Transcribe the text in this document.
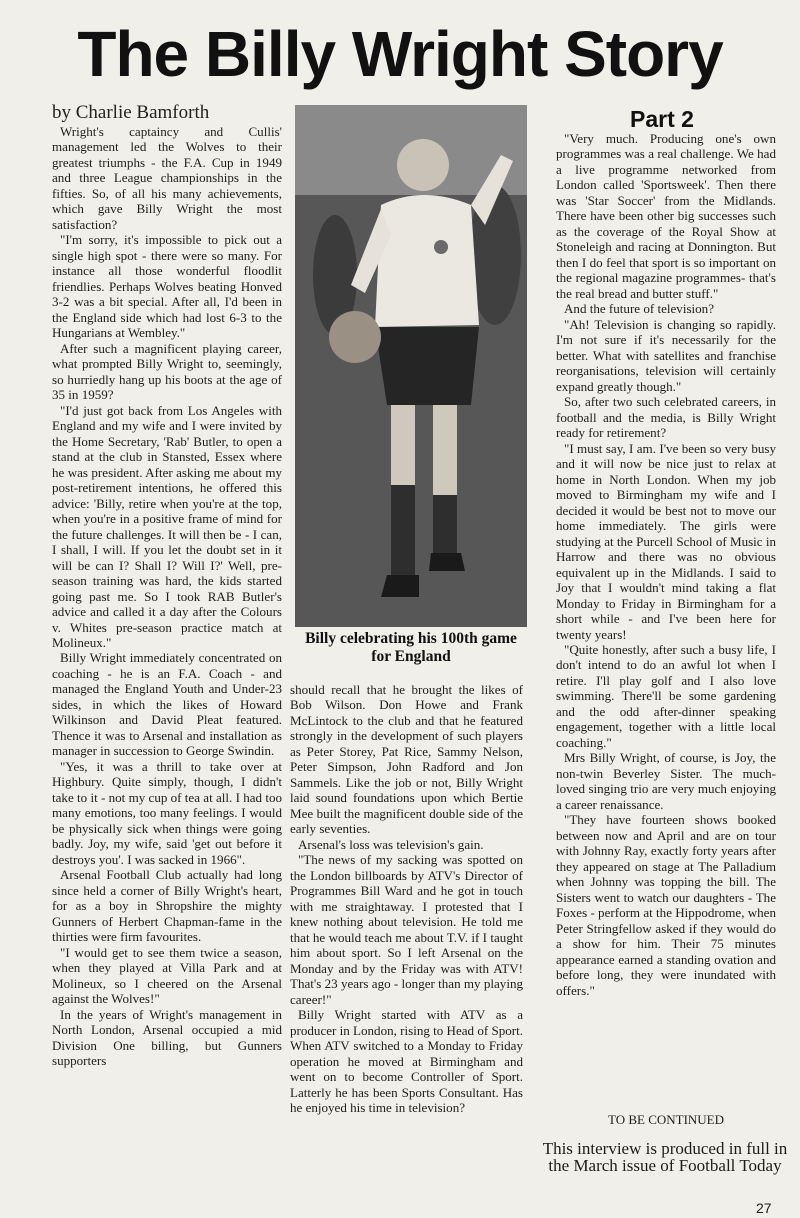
The Billy Wright Story

by Charlie Bamforth	Part 2

Wright's captaincy and Cullis' management led the Wolves to their greatest triumphs - the F.A. Cup in 1949 and three League championships in the fifties. So, of all his many achievements, which gave Billy Wright the most satisfaction?

"I'm sorry, it's impossible to pick out a single high spot - there were so many. For instance all those wonderful floodlit friendlies. Perhaps Wolves beating Honved 3-2 was a bit special. After all, I'd been in the England side which had lost 6-3 to the Hungarians at Wembley."

After such a magnificent playing career, what prompted Billy Wright to, seemingly, so hurriedly hang up his boots at the age of 35 in 1959?

"I'd just got back from Los Angeles with England and my wife and I were invited by the Home Secretary, 'Rab' Butler, to open a stand at the club in Stansted, Essex where he was president. After asking me about my post-retirement intentions, he offered this advice: 'Billy, retire when you're at the top, when you're in a positive frame of mind for the future challenges. It will then be - I can, I shall, I will. If you let the doubt set in it will be can I? Shall I? Will I?' Well, pre-season training was hard, the kids started going past me. So I took RAB Butler's advice and called it a day after the Colours v. Whites pre-season practice match at Molineux."

Billy Wright immediately concentrated on coaching - he is an F.A. Coach - and managed the England Youth and Under-23 sides, in which the likes of Howard Wilkinson and David Pleat featured. Thence it was to Arsenal and installation as manager in succession to George Swindin.

"Yes, it was a thrill to take over at Highbury. Quite simply, though, I didn't take to it - not my cup of tea at all. I had too many emotions, too many feelings. I would be physically sick when things were going badly. Joy, my wife, said 'get out before it destroys you'. I was sacked in 1966".

Arsenal Football Club actually had long since held a corner of Billy Wright's heart, for as a boy in Shropshire the mighty Gunners of Herbert Chapman-fame in the thirties were firm favourites.

"I would get to see them twice a season, when they played at Villa Park and at Molineux, so I cheered on the Arsenal against the Wolves!"

In the years of Wright's management in North London, Arsenal occupied a mid Division One billing, but Gunners supporters

Billy celebrating his 100th game for England

should recall that he brought the likes of Bob Wilson. Don Howe and Frank McLintock to the club and that he featured strongly in the development of such players as Peter Storey, Pat Rice, Sammy Nelson, Peter Simpson, John Radford and Jon Sammels. Like the job or not, Billy Wright laid sound foundations upon which Bertie Mee built the magnificent double side of the early seventies.

Arsenal's loss was television's gain.

"The news of my sacking was spotted on the London billboards by ATV's Director of Programmes Bill Ward and he got in touch with me straightaway. I protested that I knew nothing about television. He told me that he would teach me about T.V. if I taught him about sport. So I left Arsenal on the Monday and by the Friday was with ATV! That's 23 years ago - longer than my playing career!"

Billy Wright started with ATV as a producer in London, rising to Head of Sport. When ATV switched to a Monday to Friday operation he moved at Birmingham and went on to become Controller of Sport. Latterly he has been Sports Consultant. Has he enjoyed his time in television?

"Very much. Producing one's own programmes was a real challenge. We had a live programme networked from London called 'Sportsweek'. Then there was 'Star Soccer' from the Midlands. There have been other big successes such as the coverage of the Royal Show at Stoneleigh and racing at Donnington. But then I do feel that sport is so important on the regional magazine programmes- that's the real bread and butter stuff."

And the future of television?

"Ah! Television is changing so rapidly. I'm not sure if it's necessarily for the better. What with satellites and franchise reorganisations, television will certainly expand greatly though."

So, after two such celebrated careers, in football and the media, is Billy Wright ready for retirement?

"I must say, I am. I've been so very busy and it will now be nice just to relax at home in North London. When my job moved to Birmingham my wife and I decided it would be best not to move our home immediately. The girls were studying at the Purcell School of Music in Harrow and there was no obvious equivalent up in the Midlands. I said to Joy that I wouldn't mind taking a flat Monday to Friday in Birmingham for a short while - and I've been here for twenty years!

"Quite honestly, after such a busy life, I don't intend to do an awful lot when I retire. I'll play golf and I also love swimming. There'll be some gardening and the odd after-dinner speaking engagement, together with a little local coaching."

Mrs Billy Wright, of course, is Joy, the non-twin Beverley Sister. The much-loved singing trio are very much enjoying a career renaissance.

"They have fourteen shows booked between now and April and are on tour with Johnny Ray, exactly forty years after they appeared on stage at The Palladium when Johnny was topping the bill. The Sisters went to watch our daughters - The Foxes - perform at the Hippodrome, when Peter Stringfellow asked if they would do a show for him. Their 75 minutes appearance earned a standing ovation and before long, they were inundated with offers."

TO BE CONTINUED

This interview is produced in full in the March issue of Football Today

27
